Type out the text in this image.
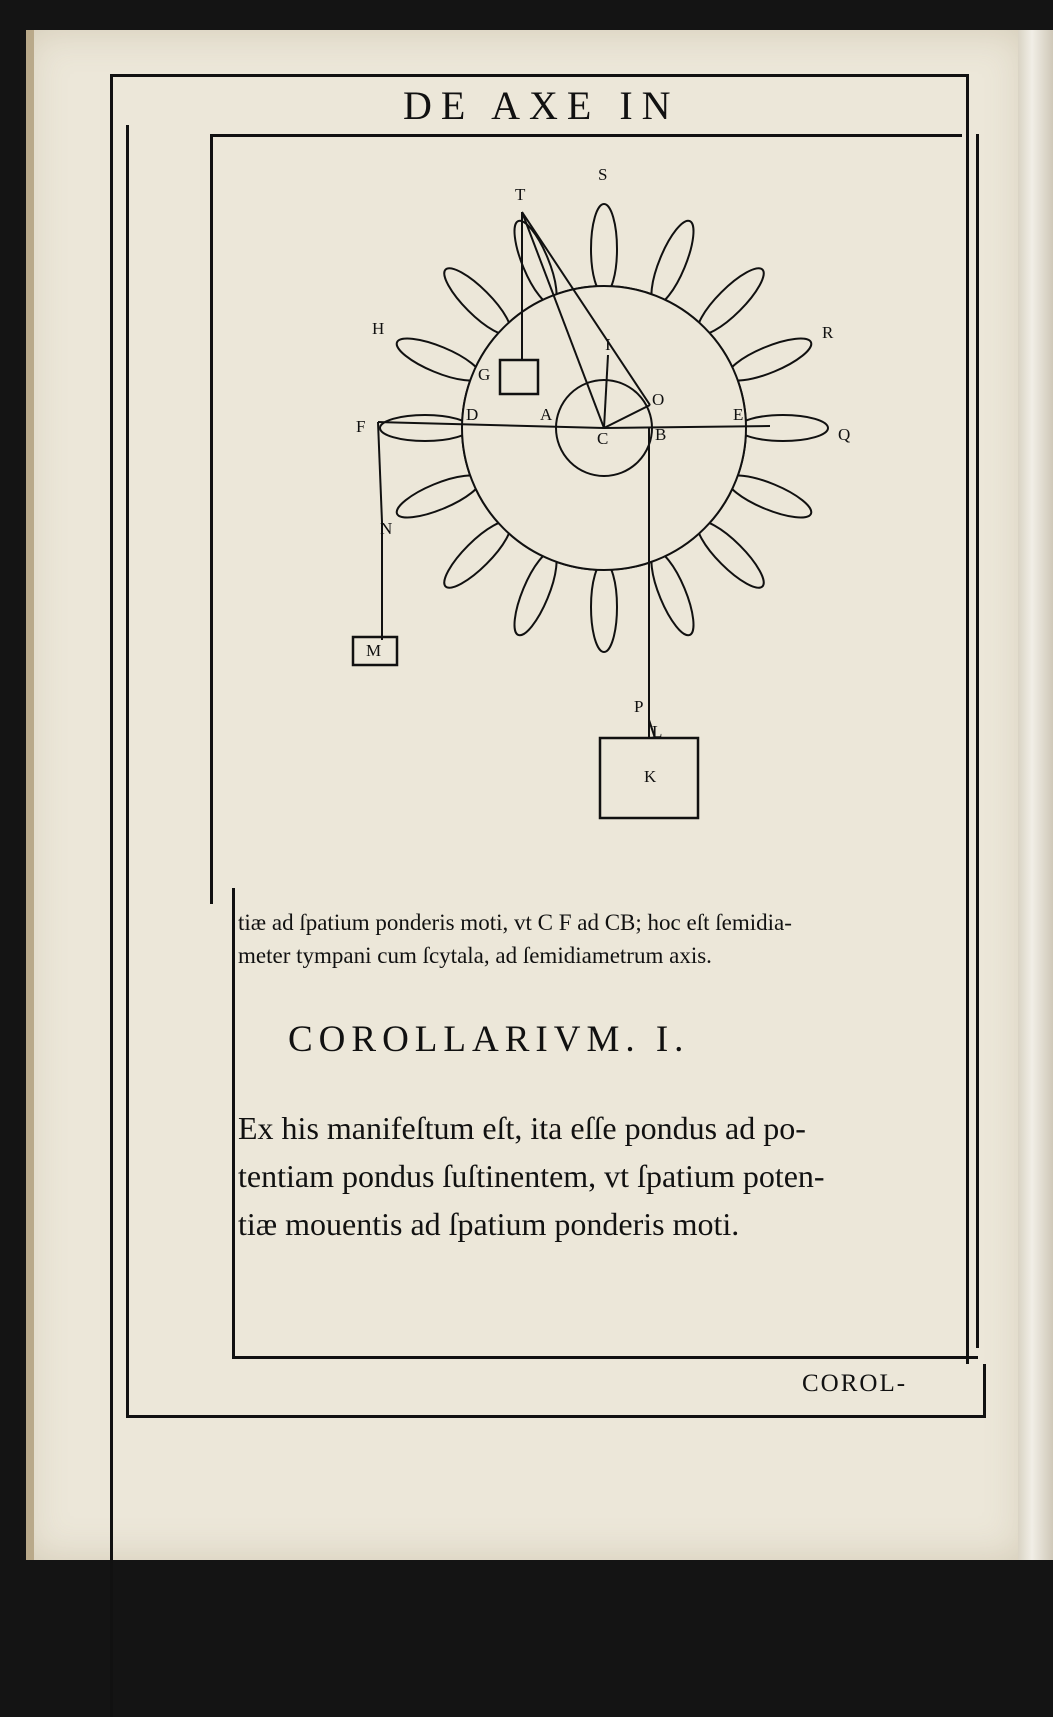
DE AXE IN
T
S
H	R
G
I
D	A
O
E
F
C	B	Q
N
M
P
L
K
tiæ ad ſpatium ponderis moti, vt C F ad CB; hoc eſt ſemidia-
meter tympani cum ſcytala, ad ſemidiametrum axis.
COROLLARIVM. I.
Ex his manifeſtum eſt, ita eſſe pondus ad po-
tentiam pondus ſuſtinentem, vt ſpatium poten-
tiæ mouentis ad ſpatium ponderis moti.
COROL-
